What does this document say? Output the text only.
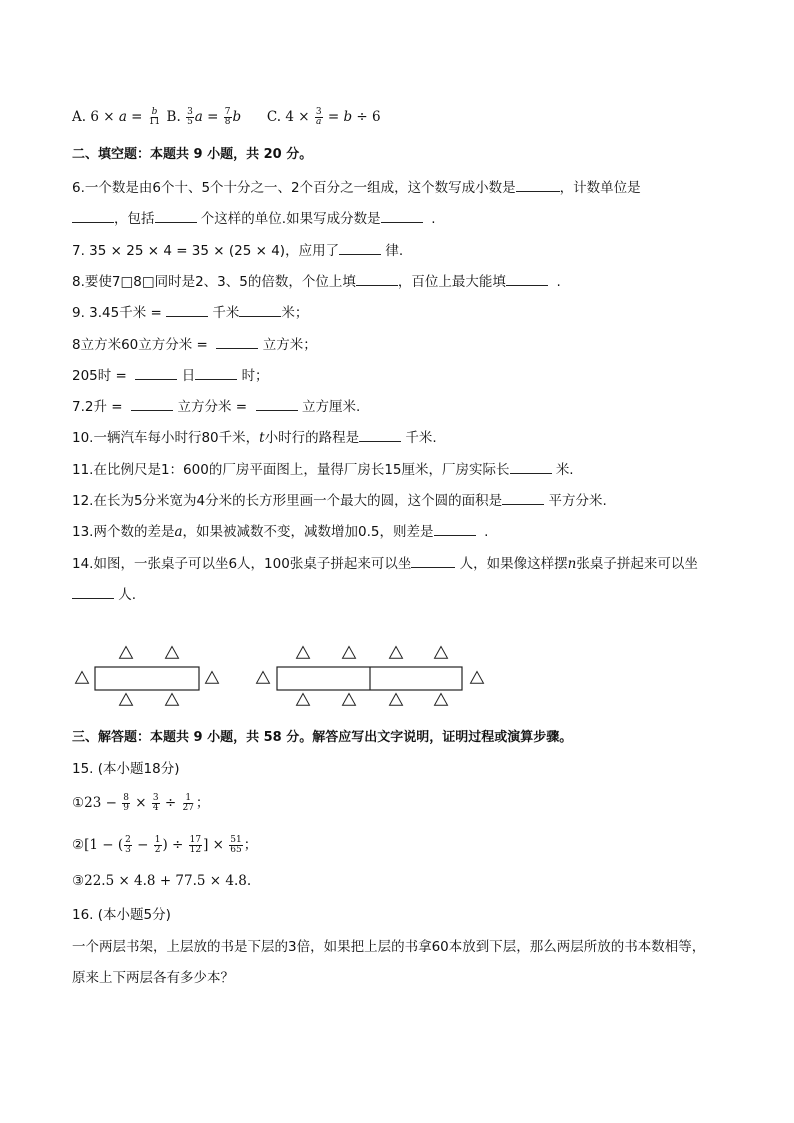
A. $6 \times a = \frac{b}{11} B$. $\frac{3}{5}$ $a = \frac{7}{8}$ b C. $4 \times \frac{3}{a} = b \div 6$
二、填空题：本题共 9 小题，共 20 分。
6.一个数是由6个十、5个十分之一、2个百分之一组成，这个数写成小数是	，计数单位是
，包括	个这样的单位.如果写成分数是	.
7. 35 × 25 × 4 = 35 × (25 × 4)，应用了	律.
8.要使7□8□同时是2、3、5的倍数，个位上填	，百位上最大能填	.
9. 3.45千米 =	千米	米；
8立方米60立方分米 =	立方米；
205时 =	日	时；
7.2升 =	立方分米 =	立方厘米.
10.一辆汽车每小时行80千米，t小时行的路程是	千米.
11.在比例尺是1：600的厂房平面图上，量得厂房长15厘米，厂房实际长	米.
12.在长为5分米宽为4分米的长方形里画一个最大的圆，这个圆的面积是	平方分米.
13.两个数的差是a，如果被减数不变，减数增加0.5，则差是	.
14.如图，一张桌子可以坐6人，100张桌子拼起来可以坐	人，如果像这样摆n张桌子拼起来可以坐
人.
三、解答题：本题共 9 小题，共 58 分。解答应写出文字说明，证明过程或演算步骤。
15. (本小题18分)
①23 − $\frac{8}{9} \times \frac{3}{4} \div \frac{1}{27}$ ；
②[1 − ( $\frac{2}{3} - \frac{1}{2}$ ) ÷ $\frac{17}{12}$ ] × $\frac{51}{65}$ ；
③22.5 × 4.8 + 77.5 × 4.8.
16. (本小题5分)
一个两层书架，上层放的书是下层的3倍，如果把上层的书拿60本放到下层，那么两层所放的书本数相等，
原来上下两层各有多少本？
